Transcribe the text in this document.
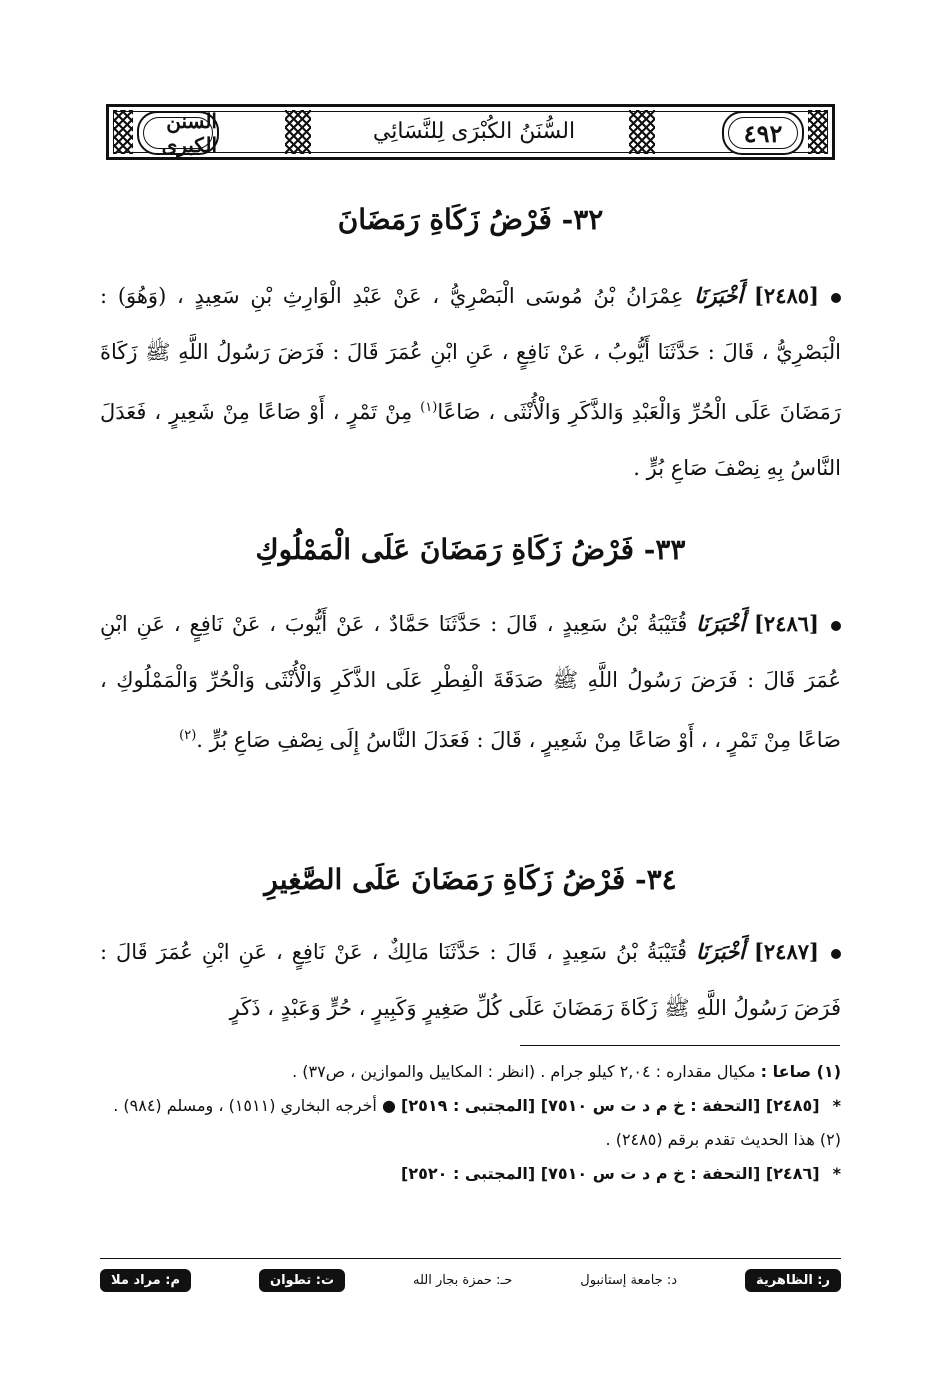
السنن الكبرى
السُّنَنُ الكُبْرَى لِلنَّسَائِي	٤٩٢
٣٢- فَرْضُ زَكَاةِ رَمَضَانَ
[٢٤٨٥] أَخْبَرَنَا عِمْرَانُ بْنُ مُوسَى الْبَصْرِيُّ ، عَنْ عَبْدِ الْوَارِثِ بْنِ سَعِيدٍ ، (وَهُوَ) : الْبَصْرِيُّ ، قَالَ : حَدَّثَنَا أَيُّوبُ ، عَنْ نَافِعٍ ، عَنِ ابْنِ عُمَرَ قَالَ : فَرَضَ رَسُولُ اللَّهِ ﷺ زَكَاةَ رَمَضَانَ عَلَى الْحُرِّ وَالْعَبْدِ وَالذَّكَرِ وَالْأُنْثَى ، صَاعًا$^{(١)}$ مِنْ تَمْرٍ ، أَوْ صَاعًا مِنْ شَعِيرٍ ، فَعَدَلَ النَّاسُ بِهِ نِصْفَ صَاعِ بُرٍّ .
٣٣- فَرْضُ زَكَاةِ رَمَضَانَ عَلَى الْمَمْلُوكِ
[٢٤٨٦] أَخْبَرَنَا قُتَيْبَةُ بْنُ سَعِيدٍ ، قَالَ : حَدَّثَنَا حَمَّادٌ ، عَنْ أَيُّوبَ ، عَنْ نَافِعٍ ، عَنِ ابْنِ عُمَرَ قَالَ : فَرَضَ رَسُولُ اللَّهِ ﷺ صَدَقَةَ الْفِطْرِ عَلَى الذَّكَرِ وَالْأُنْثَى وَالْحُرِّ وَالْمَمْلُوكِ ، صَاعًا مِنْ تَمْرٍ ، ، أَوْ صَاعًا مِنْ شَعِيرٍ ، قَالَ : فَعَدَلَ النَّاسُ إِلَى نِصْفِ صَاعِ بُرٍّ .$^{(٢)}$
٣٤- فَرْضُ زَكَاةِ رَمَضَانَ عَلَى الصَّغِيرِ
[٢٤٨٧] أَخْبَرَنَا قُتَيْبَةُ بْنُ سَعِيدٍ ، قَالَ : حَدَّثَنَا مَالِكٌ ، عَنْ نَافِعٍ ، عَنِ ابْنِ عُمَرَ قَالَ : فَرَضَ رَسُولُ اللَّهِ ﷺ زَكَاةَ رَمَضَانَ عَلَى كُلِّ صَغِيرٍ وَكَبِيرٍ ، حُرٍّ وَعَبْدٍ ، ذَكَرٍ

(١) صاعا : مكيال مقداره : ٢,٠٤ كيلو جرام . (انظر : المكاييل والموازين ، ص٣٧) .

* [٢٤٨٥] [التحفة : خ م د ت س ٧٥١٠] [المجتبى : ٢٥١٩] ● أخرجه البخاري (١٥١١) ، ومسلم (٩٨٤) .

(٢) هذا الحديث تقدم برقم (٢٤٨٥) .

* [٢٤٨٦] [التحفة : خ م د ت س ٧٥١٠] [المجتبى : ٢٥٢٠]

م: مراد ملا	ت: تطوان	حـ: حمزة بجار الله	د: جامعة إستانبول	ر: الظاهرية
